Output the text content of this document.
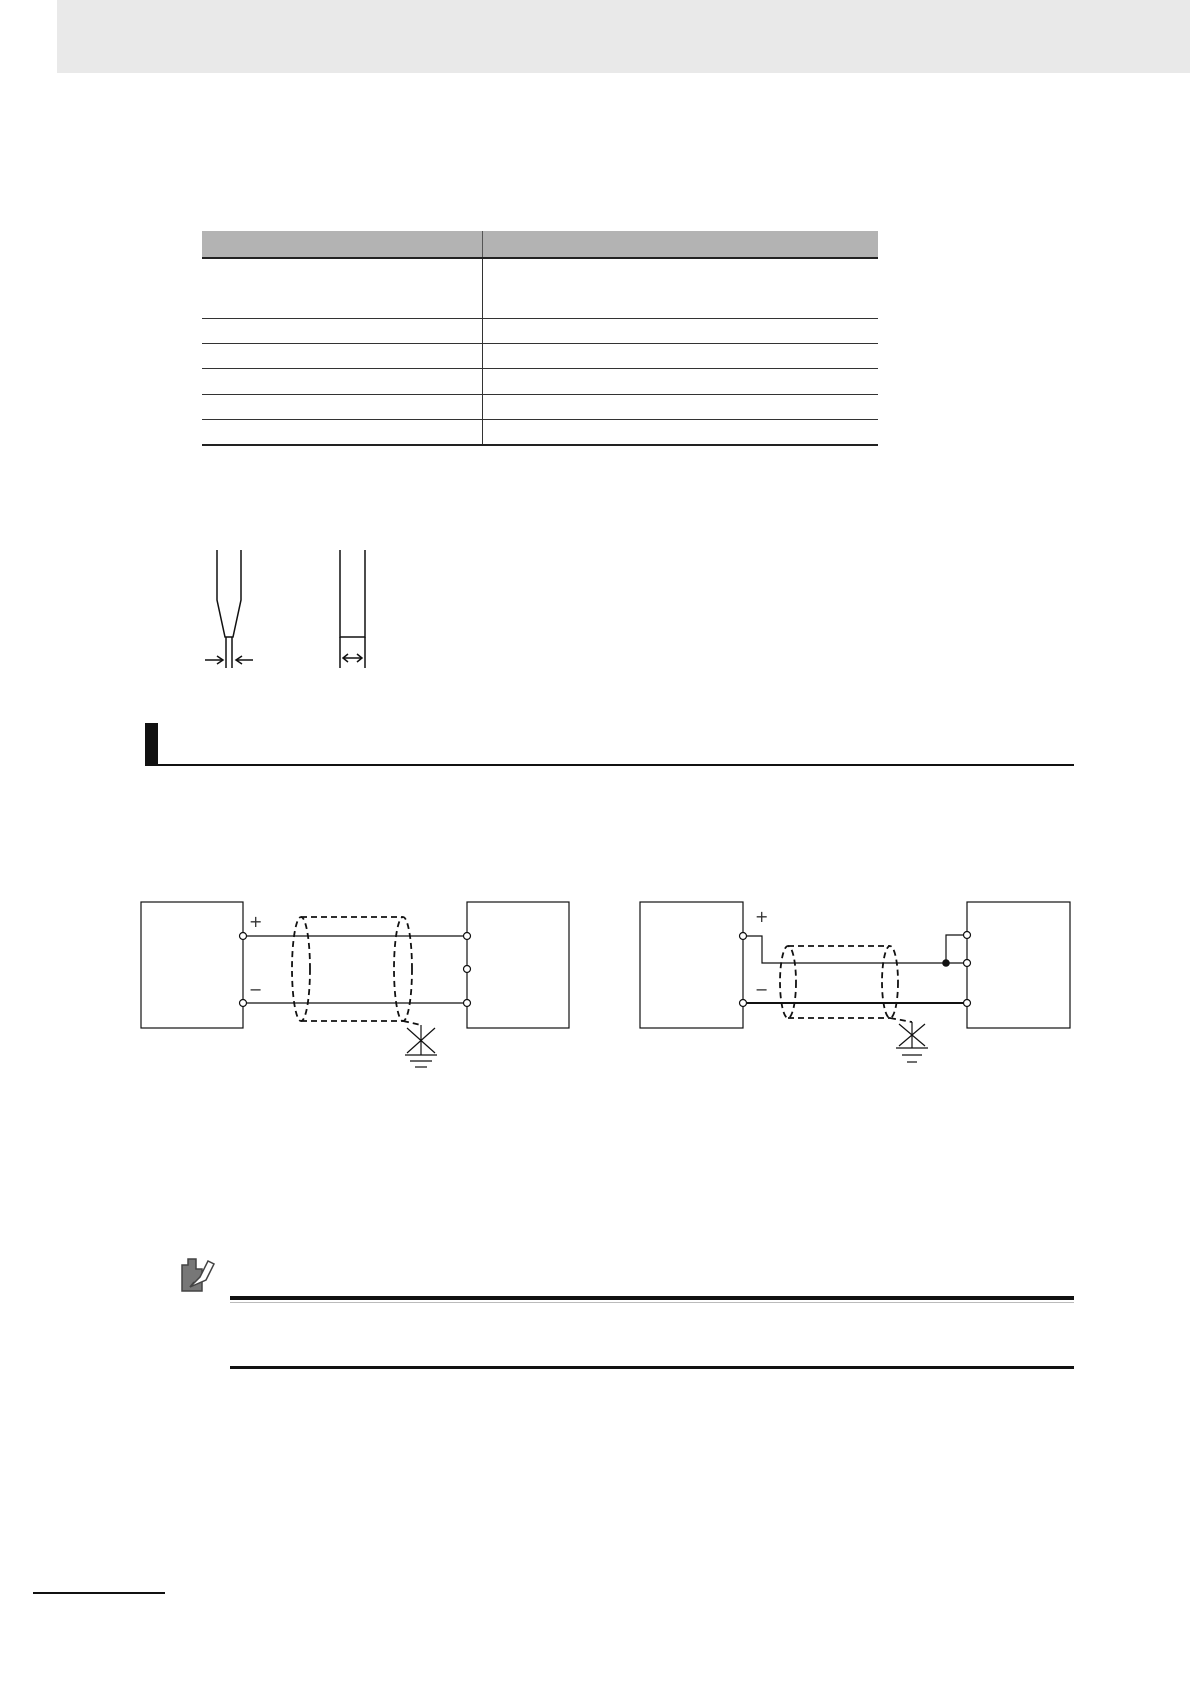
+
−
+
−
